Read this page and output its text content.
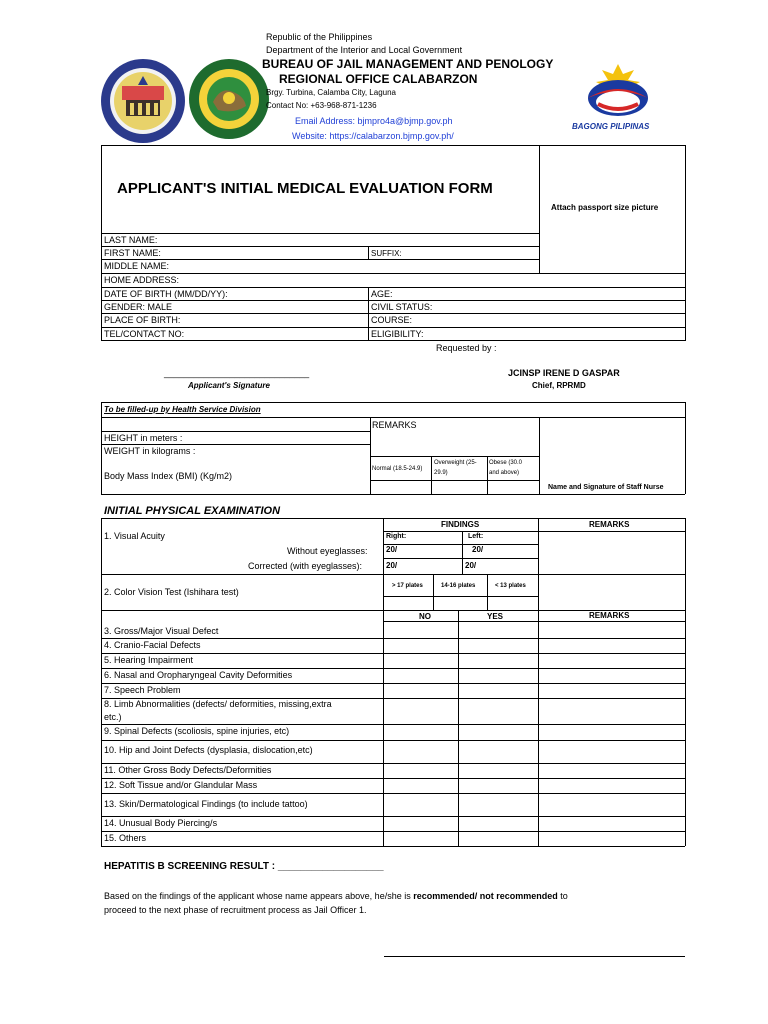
Republic of the Philippines
Department of the Interior and Local Government
BUREAU OF JAIL MANAGEMENT AND PENOLOGY
REGIONAL OFFICE CALABARZON
Brgy. Turbina, Calamba City, Laguna
Contact No: +63-968-871-1236
Email Address: bjmpro4a@bjmp.gov.ph
Website: https://calabarzon.bjmp.gov.ph/
BAGONG PILIPINAS
APPLICANT'S INITIAL MEDICAL EVALUATION FORM
Attach passport size picture
LAST NAME:
FIRST NAME:	SUFFIX:
MIDDLE NAME:
HOME ADDRESS:
DATE OF BIRTH (MM/DD/YY):	AGE:
GENDER: MALE	CIVIL STATUS:
PLACE OF BIRTH:	COURSE:
TEL/CONTACT NO:	ELIGIBILITY:
Requested by :
_____________________________
Applicant's Signature
JCINSP IRENE D GASPAR
Chief, RPRMD
To be filled-up by Health Service Division
REMARKS
HEIGHT in meters :
WEIGHT in kilograms :
Body Mass Index (BMI) (Kg/m2)
Normal (18.5-24.9)
Overweight (25-
29.9)
Obese (30.0
and above)
Name and Signature of Staff Nurse
INITIAL PHYSICAL EXAMINATION
FINDINGS	REMARKS
1. Visual Acuity	Right:	Left:
Without eyeglasses: 20/	20/
Corrected (with eyeglasses):	20/	20/
2. Color Vision Test (Ishihara test)
> 17 plates	14-16 plates	< 13 plates
NO	YES	REMARKS
3. Gross/Major Visual Defect
4. Cranio-Facial Defects
5. Hearing Impairment
6. Nasal and Oropharyngeal Cavity Deformities
7. Speech Problem
8. Limb Abnormalities (defects/ deformities, missing,extra
etc.)
9. Spinal Defects (scoliosis, spine injuries, etc)
10. Hip and Joint Defects (dysplasia, dislocation,etc)
11. Other Gross Body Defects/Deformities
12. Soft Tissue and/or Glandular Mass
13. Skin/Dermatological Findings (to include tattoo)
14. Unusual Body Piercing/s
15. Others
HEPATITIS B SCREENING RESULT : ___________________
Based on the findings of the applicant whose name appears above, he/she is recommended/ not recommended to
proceed to the next phase of recruitment process as Jail Officer 1.
